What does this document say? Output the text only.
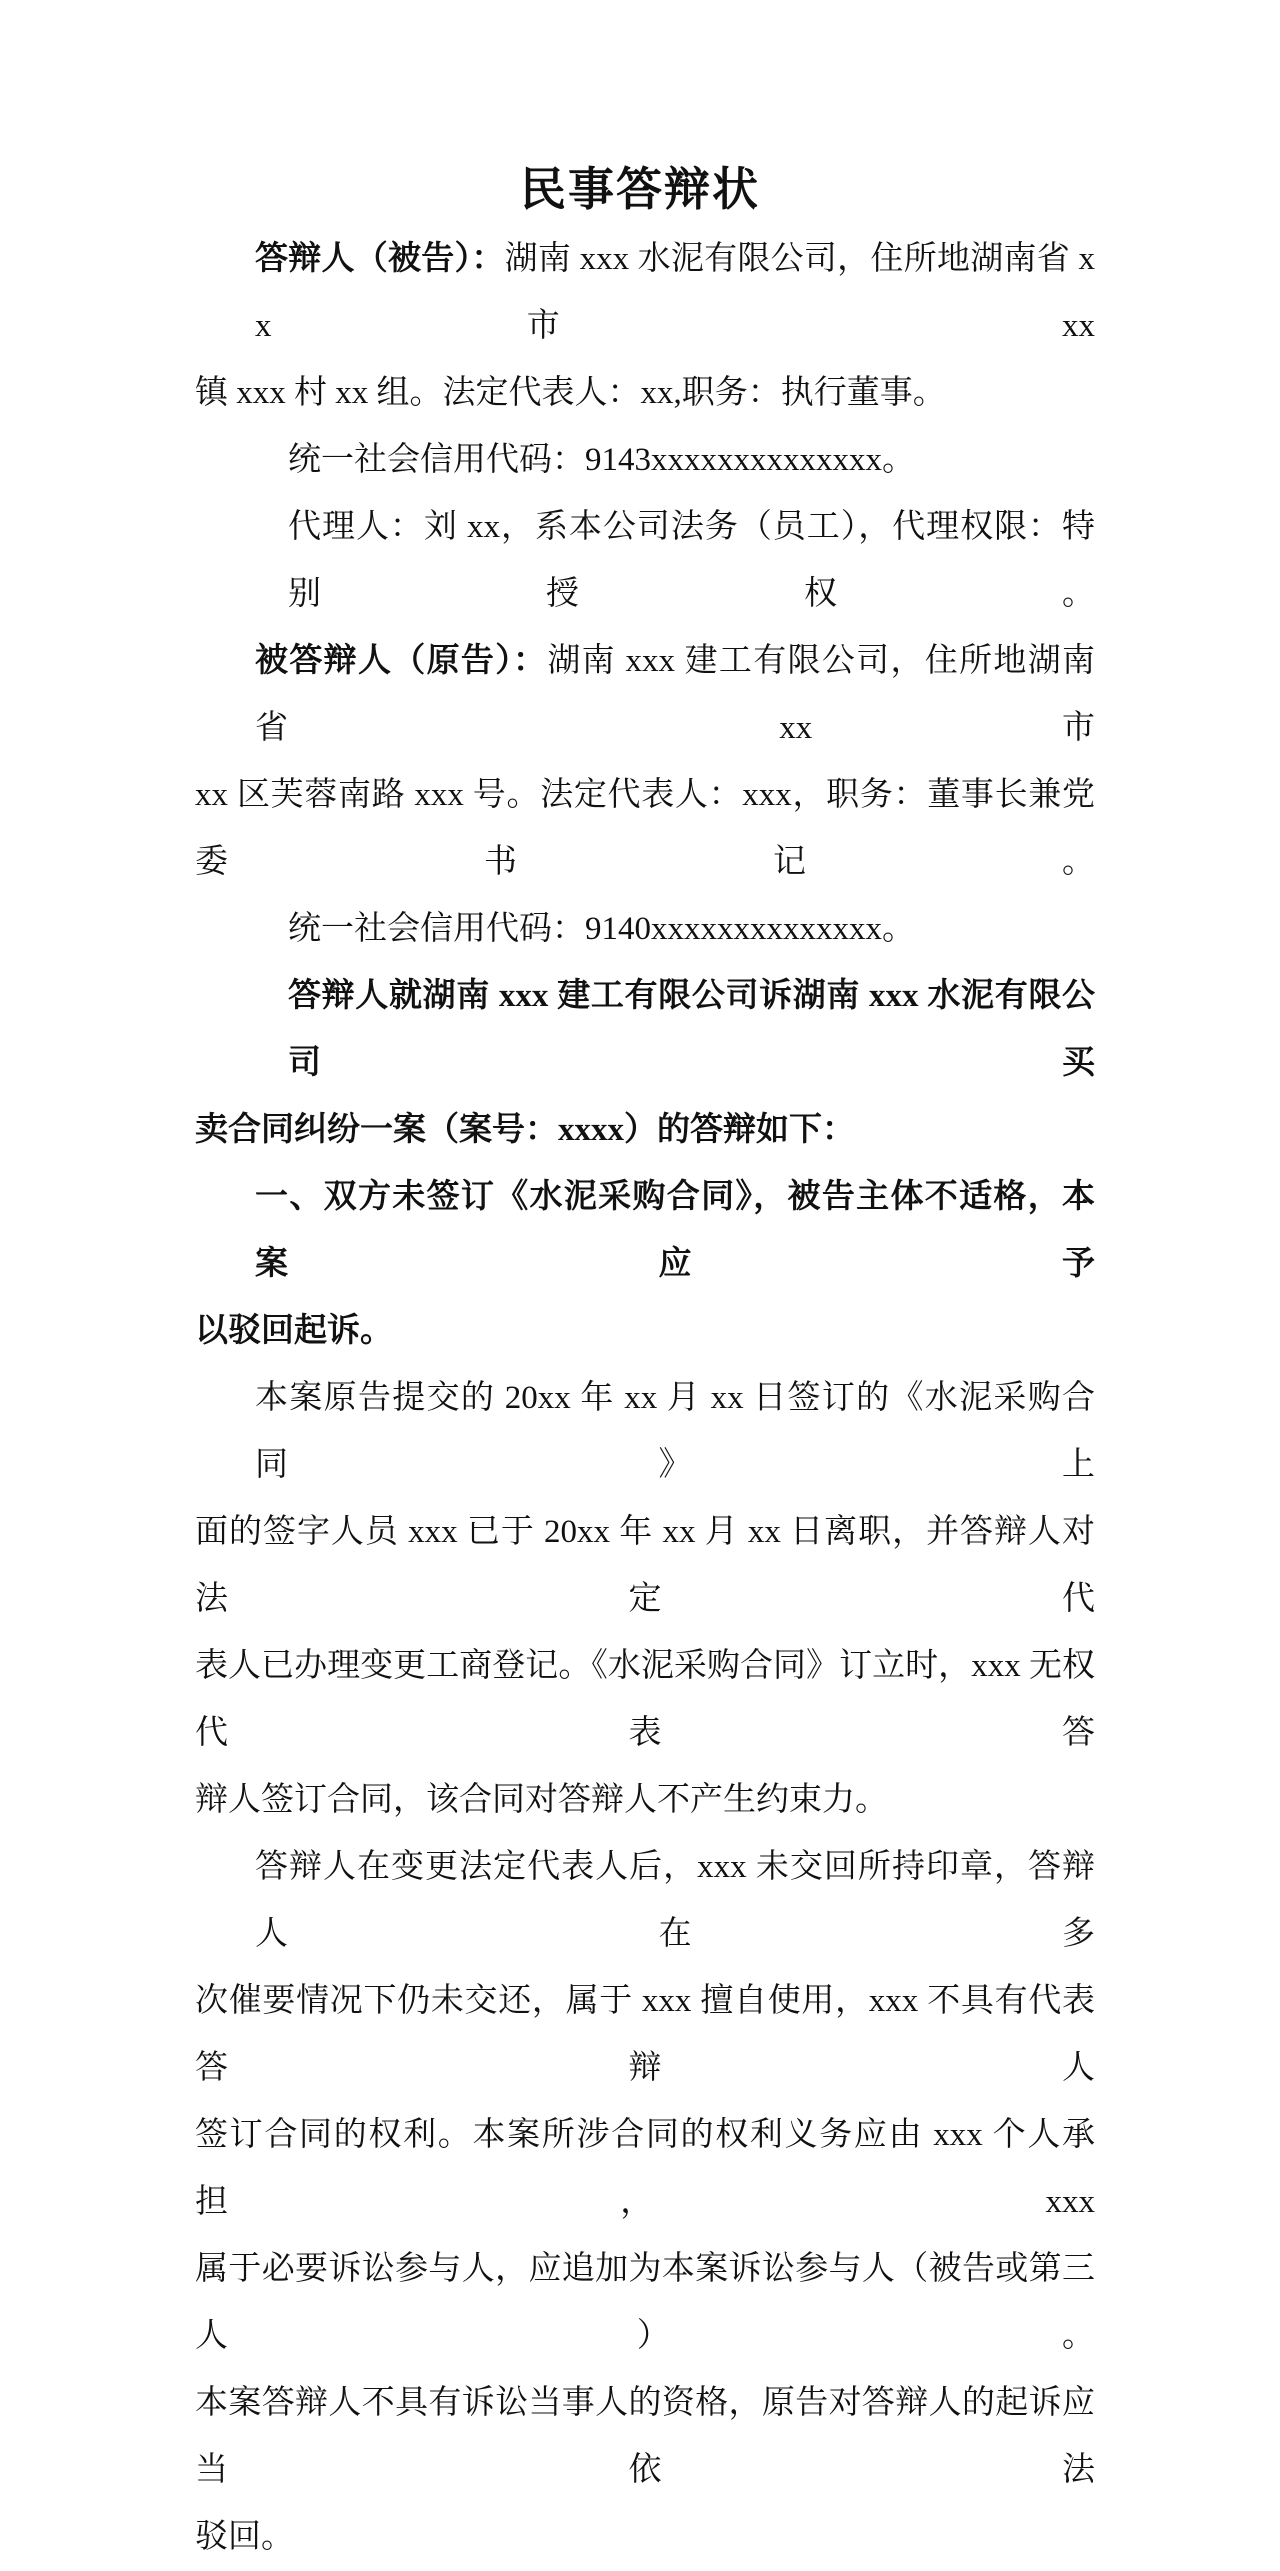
民事答辩状
答辩人（被告）：湖南 xxx 水泥有限公司，住所地湖南省 xx 市 xx
镇 xxx 村 xx 组。法定代表人：xx,职务：执行董事。
统一社会信用代码：9143xxxxxxxxxxxxxx。
代理人：刘 xx，系本公司法务（员工），代理权限：特别授权。
被答辩人（原告）：湖南 xxx 建工有限公司，住所地湖南省 xx 市
xx 区芙蓉南路 xxx 号。法定代表人：xxx，职务：董事长兼党委书记。
统一社会信用代码：9140xxxxxxxxxxxxxx。
答辩人就湖南 xxx 建工有限公司诉湖南 xxx 水泥有限公司买
卖合同纠纷一案（案号：xxxx）的答辩如下：
一、双方未签订《水泥采购合同》，被告主体不适格，本案应予
以驳回起诉。
本案原告提交的 20xx 年 xx 月 xx 日签订的《水泥采购合同》上
面的签字人员 xxx 已于 20xx 年 xx 月 xx 日离职，并答辩人对法定代
表人已办理变更工商登记。《水泥采购合同》订立时，xxx 无权代表答
辩人签订合同，该合同对答辩人不产生约束力。
答辩人在变更法定代表人后，xxx 未交回所持印章，答辩人在多
次催要情况下仍未交还，属于 xxx 擅自使用，xxx 不具有代表答辩人
签订合同的权利。本案所涉合同的权利义务应由 xxx 个人承担，xxx
属于必要诉讼参与人，应追加为本案诉讼参与人（被告或第三人）。
本案答辩人不具有诉讼当事人的资格，原告对答辩人的起诉应当依法
驳回。
